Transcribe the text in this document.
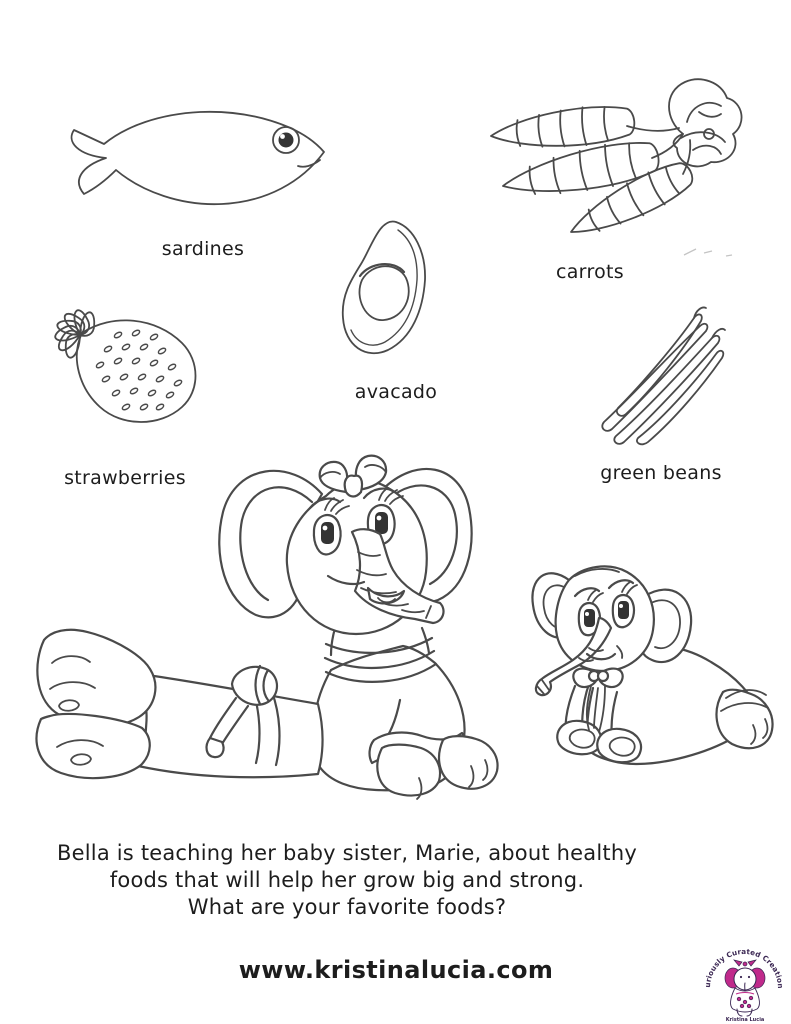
sardines
carrots
avacado
strawberries	green beans
Bella is teaching her baby sister, Marie, about healthy
foods that will help her grow big and strong.
What are your favorite foods?
www.kristinalucia.com
Curiously Curated Creations
Kristina Lucia
